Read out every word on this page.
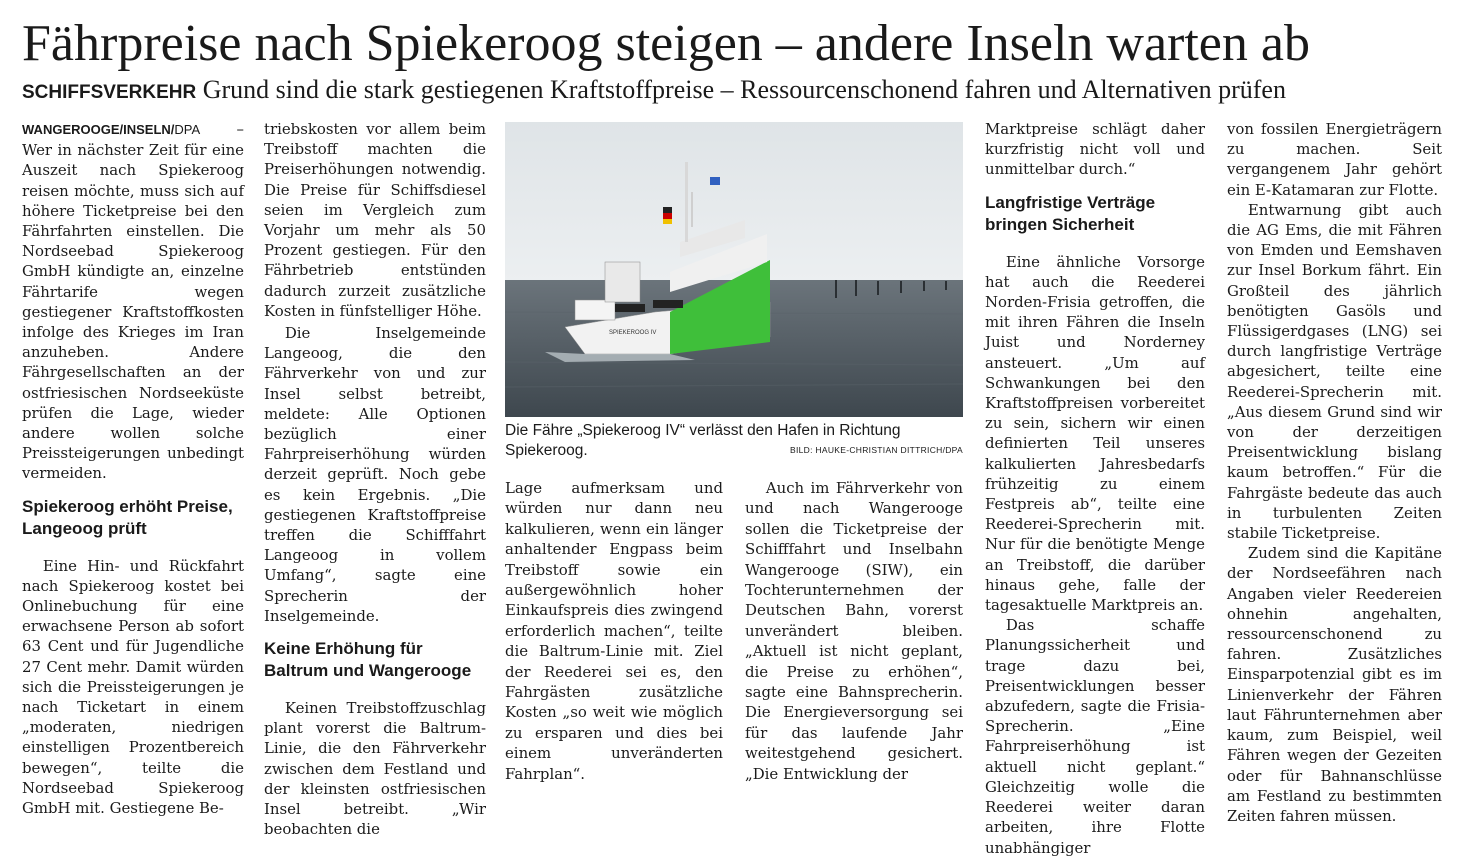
Fährpreise nach Spiekeroog steigen – andere Inseln warten ab
SCHIFFSVERKEHR Grund sind die stark gestiegenen Kraftstoffpreise – Ressourcenschonend fahren und Alternativen prüfen

WANGEROOGE/INSELN/DPA – Wer in nächster Zeit für eine Auszeit nach Spiekeroog reisen möchte, muss sich auf höhere Ticketpreise bei den Fährfahrten einstellen. Die Nordseebad Spiekeroog GmbH kündigte an, einzelne Fährtarife wegen gestiegener Kraftstoffkosten infolge des Krieges im Iran anzuheben. Andere Fährgesellschaften an der ostfriesischen Nordseeküste prüfen die Lage, wieder andere wollen solche Preissteigerungen unbedingt vermeiden.

Spiekeroog erhöht Preise, Langeoog prüft

Eine Hin- und Rückfahrt nach Spiekeroog kostet bei Onlinebuchung für eine erwachsene Person ab sofort 63 Cent und für Jugendliche 27 Cent mehr. Damit würden sich die Preissteigerungen je nach Ticketart in einem „moderaten, niedrigen einstelligen Prozentbereich bewegen“, teilte die Nordseebad Spiekeroog GmbH mit. Gestiegene Be-

triebskosten vor allem beim Treibstoff machten die Preiserhöhungen notwendig. Die Preise für Schiffsdiesel seien im Vergleich zum Vorjahr um mehr als 50 Prozent gestiegen. Für den Fährbetrieb entstünden dadurch zurzeit zusätzliche Kosten in fünfstelliger Höhe.

Die Inselgemeinde Langeoog, die den Fährverkehr von und zur Insel selbst betreibt, meldete: Alle Optionen bezüglich einer Fahrpreiserhöhung würden derzeit geprüft. Noch gebe es kein Ergebnis. „Die gestiegenen Kraftstoffpreise treffen die Schifffahrt Langeoog in vollem Umfang“, sagte eine Sprecherin der Inselgemeinde.

Keine Erhöhung für Baltrum und Wangerooge

Keinen Treibstoffzuschlag plant vorerst die Baltrum-Linie, die den Fährverkehr zwischen dem Festland und der kleinsten ostfriesischen Insel betreibt. „Wir beobachten die

SPIEKEROOG IV
Die Fähre „Spiekeroog IV“ verlässt den Hafen in Richtung Spiekeroog.	BILD: HAUKE-CHRISTIAN DITTRICH/DPA

Lage aufmerksam und würden nur dann neu kalkulieren, wenn ein länger anhaltender Engpass beim Treibstoff sowie ein außergewöhnlich hoher Einkaufspreis dies zwingend erforderlich machen“, teilte die Baltrum-Linie mit. Ziel der Reederei sei es, den Fahrgästen zusätzliche Kosten „so weit wie möglich zu ersparen und dies bei einem unveränderten Fahrplan“.

Auch im Fährverkehr von und nach Wangerooge sollen die Ticketpreise der Schifffahrt und Inselbahn Wangerooge (SIW), ein Tochterunternehmen der Deutschen Bahn, vorerst unverändert bleiben. „Aktuell ist nicht geplant, die Preise zu erhöhen“, sagte eine Bahnsprecherin. Die Energieversorgung sei für das laufende Jahr weitestgehend gesichert. „Die Entwicklung der

Marktpreise schlägt daher kurzfristig nicht voll und unmittelbar durch.“

Langfristige Verträge bringen Sicherheit

Eine ähnliche Vorsorge hat auch die Reederei Norden-Frisia getroffen, die mit ihren Fähren die Inseln Juist und Norderney ansteuert. „Um auf Schwankungen bei den Kraftstoffpreisen vorbereitet zu sein, sichern wir einen definierten Teil unseres kalkulierten Jahresbedarfs frühzeitig zu einem Festpreis ab“, teilte eine Reederei-Sprecherin mit. Nur für die benötigte Menge an Treibstoff, die darüber hinaus gehe, falle der tagesaktuelle Marktpreis an.

Das schaffe Planungssicherheit und trage dazu bei, Preisentwicklungen besser abzufedern, sagte die Frisia-Sprecherin. „Eine Fahrpreiserhöhung ist aktuell nicht geplant.“ Gleichzeitig wolle die Reederei weiter daran arbeiten, ihre Flotte unabhängiger

von fossilen Energieträgern zu machen. Seit vergangenem Jahr gehört ein E-Katamaran zur Flotte.

Entwarnung gibt auch die AG Ems, die mit Fähren von Emden und Eemshaven zur Insel Borkum fährt. Ein Großteil des jährlich benötigten Gasöls und Flüssigerdgases (LNG) sei durch langfristige Verträge abgesichert, teilte eine Reederei-Sprecherin mit. „Aus diesem Grund sind wir von der derzeitigen Preisentwicklung bislang kaum betroffen.“ Für die Fahrgäste bedeute das auch in turbulenten Zeiten stabile Ticketpreise.

Zudem sind die Kapitäne der Nordseefähren nach Angaben vieler Reedereien ohnehin angehalten, ressourcenschonend zu fahren. Zusätzliches Einsparpotenzial gibt es im Linienverkehr der Fähren laut Fährunternehmen aber kaum, zum Beispiel, weil Fähren wegen der Gezeiten oder für Bahnanschlüsse am Festland zu bestimmten Zeiten fahren müssen.
